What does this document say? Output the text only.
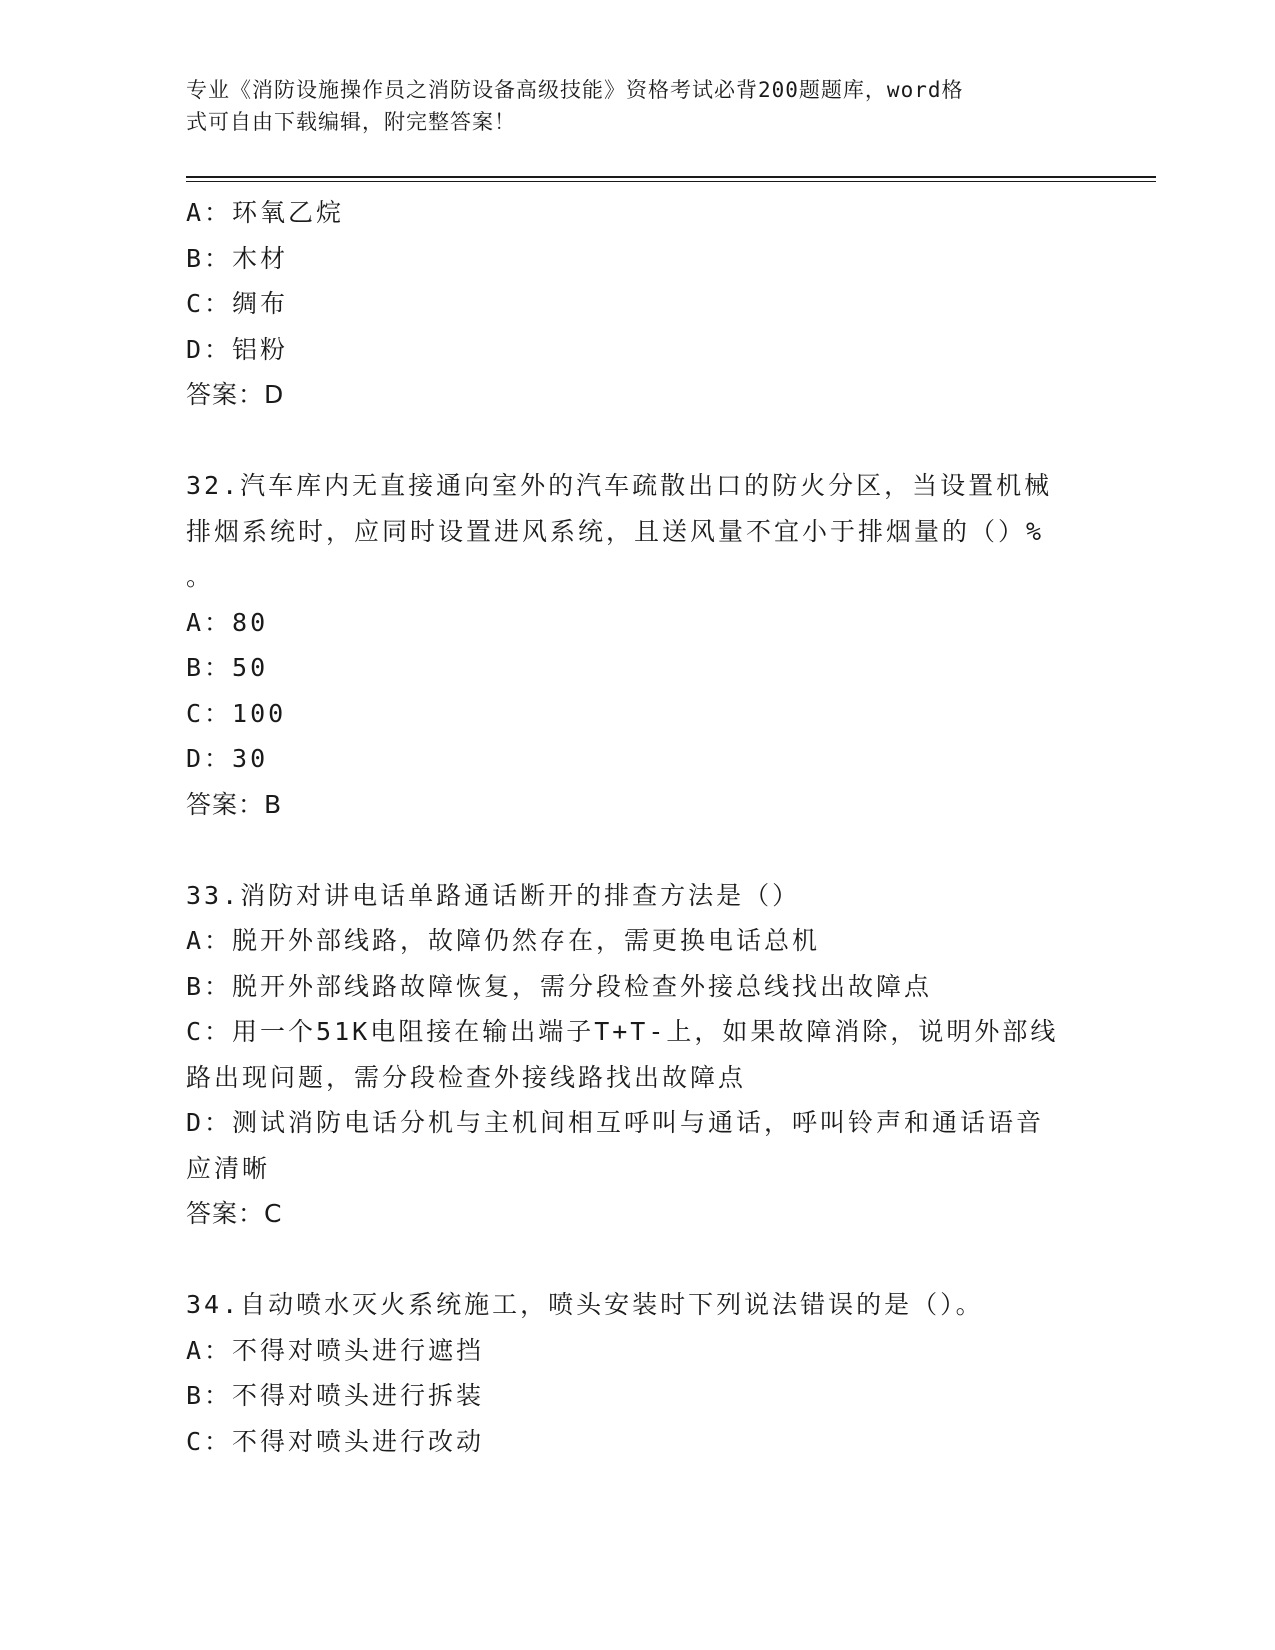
专业《消防设施操作员之消防设备高级技能》资格考试必背200题题库，word格
式可自由下载编辑，附完整答案！
A：环氧乙烷
B：木材
C：绸布
D：铝粉
答案：D
32.汽车库内无直接通向室外的汽车疏散出口的防火分区，当设置机械
排烟系统时，应同时设置进风系统，且送风量不宜小于排烟量的（）%
。
A：80
B：50
C：100
D：30
答案：B
33.消防对讲电话单路通话断开的排查方法是（）
A：脱开外部线路，故障仍然存在，需更换电话总机
B：脱开外部线路故障恢复，需分段检查外接总线找出故障点
C：用一个51K电阻接在输出端子T+T-上，如果故障消除，说明外部线
路出现问题，需分段检查外接线路找出故障点
D：测试消防电话分机与主机间相互呼叫与通话，呼叫铃声和通话语音
应清晰
答案：C
34.自动喷水灭火系统施工，喷头安装时下列说法错误的是（）。
A：不得对喷头进行遮挡
B：不得对喷头进行拆装
C：不得对喷头进行改动
